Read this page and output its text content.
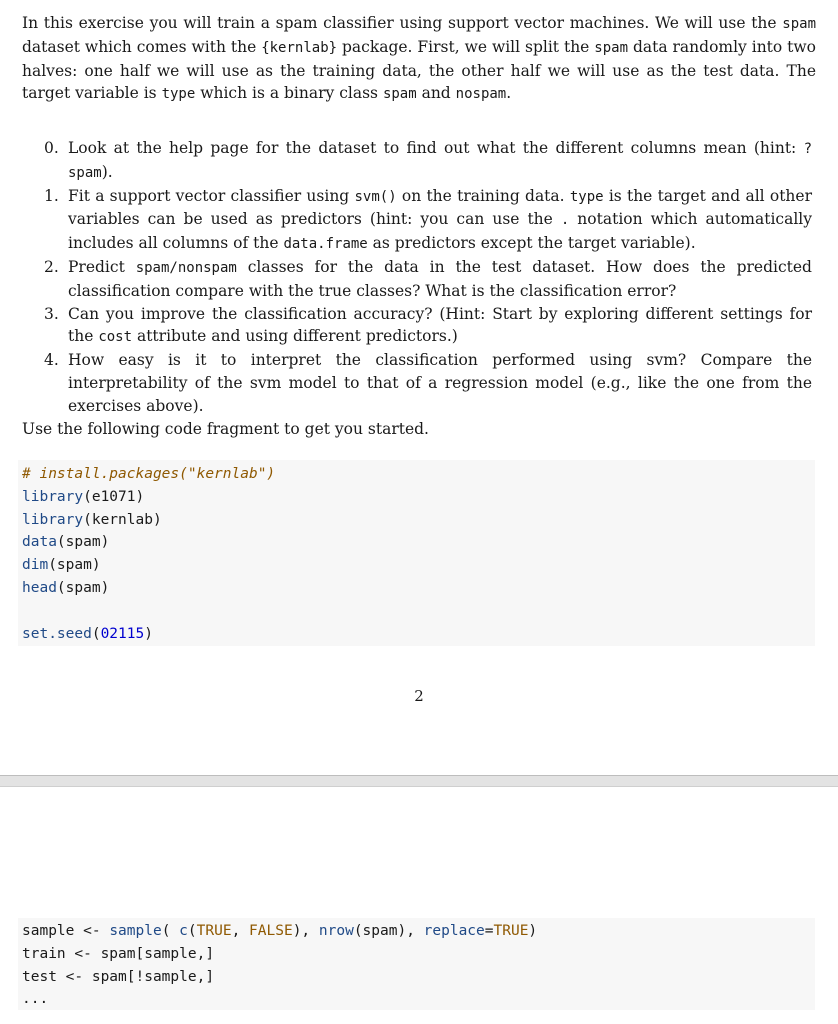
In this exercise you will train a spam classifier using support vector machines. We will use the spam dataset which comes with the {kernlab} package. First, we will split the spam data randomly into two halves: one half we will use as the training data, the other half we will use as the test data. The target variable is type which is a binary class spam and nospam.

0. Look at the help page for the dataset to find out what the different columns mean (hint: ?spam).
1. Fit a support vector classifier using svm() on the training data. type is the target and all other variables can be used as predictors (hint: you can use the . notation which automatically includes all columns of the data.frame as predictors except the target variable).
2. Predict spam/nonspam classes for the data in the test dataset. How does the predicted classification compare with the true classes? What is the classification error?
3. Can you improve the classification accuracy? (Hint: Start by exploring different settings for the cost attribute and using different predictors.)
4. How easy is it to interpret the classification performed using svm? Compare the interpretability of the svm model to that of a regression model (e.g., like the one from the exercises above).

Use the following code fragment to get you started.

# install.packages("kernlab")
library(e1071)
library(kernlab)
data(spam)
dim(spam)
head(spam)
set.seed(02115)

2

sample <- sample( c(TRUE, FALSE), nrow(spam), replace=TRUE)
train <- spam[sample,]
test <- spam[!sample,]
...
